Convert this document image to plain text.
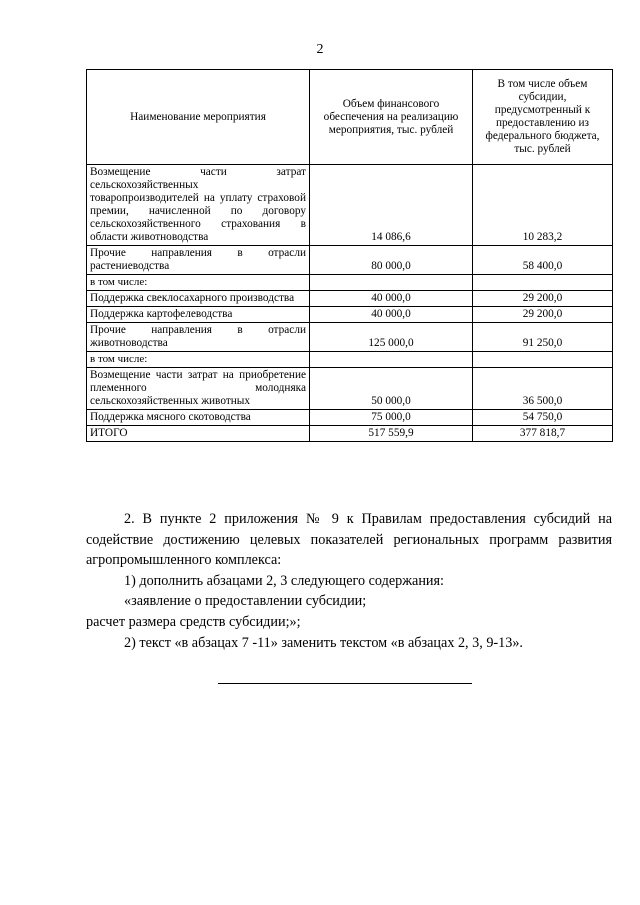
2
Наименование мероприятия	Объем финансового обеспечения на реализацию мероприятия, тыс. рублей	В том числе объем субсидии, предусмотренный к предоставлению из федерального бюджета, тыс. рублей
Возмещение части затрат сельскохозяйственных товаропроизводителей на уплату страховой премии, начисленной по договору сельскохозяйственного страхования в области животноводства	14 086,6	10 283,2
Прочие направления в отрасли растениеводства	80 000,0	58 400,0
в том числе:		
Поддержка свеклосахарного производства	40 000,0	29 200,0
Поддержка картофелеводства	40 000,0	29 200,0
Прочие направления в отрасли животноводства	125 000,0	91 250,0
в том числе:		
Возмещение части затрат на приобретение племенного молодняка сельскохозяйственных животных	50 000,0	36 500,0
Поддержка мясного скотоводства	75 000,0	54 750,0
ИТОГО	517 559,9	377 818,7

2. В пункте 2 приложения № 9 к Правилам предоставления субсидий на содействие достижению целевых показателей региональных программ развития агропромышленного комплекса:

1) дополнить абзацами 2, 3 следующего содержания:

«заявление о предоставлении субсидии;

расчет размера средств субсидии;»;

2) текст «в абзацах 7 -11» заменить текстом «в абзацах 2, 3, 9-13».
